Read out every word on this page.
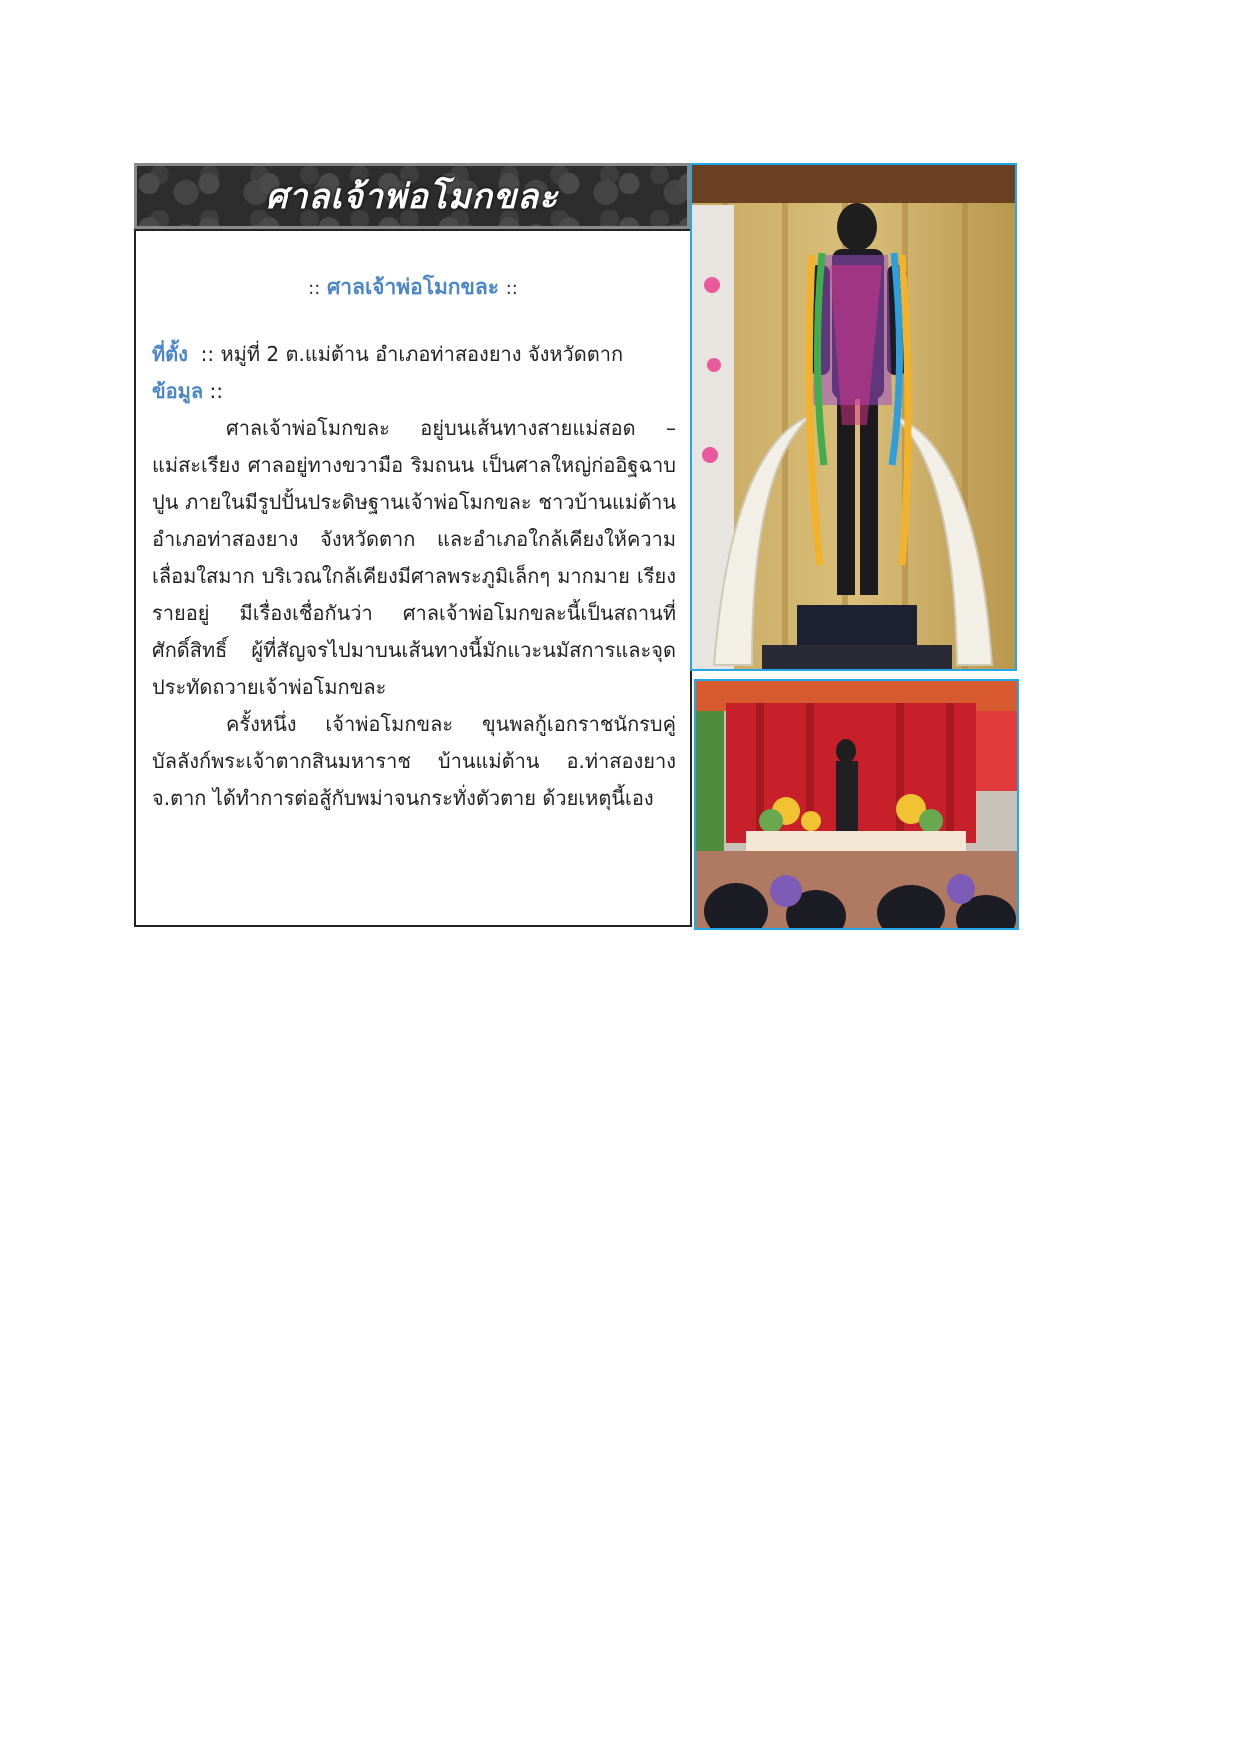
ศาลเจ้าพ่อโมกขละ
:: ศาลเจ้าพ่อโมกขละ ::
ที่ตั้ง :: หมู่ที่ 2 ต.แม่ต้าน อำเภอท่าสองยาง จังหวัดตาก
ข้อมูล ::

ศาลเจ้าพ่อโมกขละ อยู่บนเส้นทางสายแม่สอด – แม่สะเรียง ศาลอยู่ทางขวามือ ริมถนน เป็นศาลใหญ่ก่ออิฐฉาบปูน ภายในมีรูปปั้นประดิษฐานเจ้าพ่อโมกขละ ชาวบ้านแม่ต้าน อำเภอท่าสองยาง จังหวัดตาก และอำเภอใกล้เคียงให้ความเลื่อมใสมาก บริเวณใกล้เคียงมีศาลพระภูมิเล็กๆ มากมาย เรียงรายอยู่ มีเรื่องเชื่อกันว่า ศาลเจ้าพ่อโมกขละนี้เป็นสถานที่ศักดิ์สิทธิ์ ผู้ที่สัญจรไปมาบนเส้นทางนี้มักแวะนมัสการและจุดประทัดถวายเจ้าพ่อโมกขละ

ครั้งหนึ่ง เจ้าพ่อโมกขละ ขุนพลกู้เอกราชนักรบคู่บัลลังก์พระเจ้าตากสินมหาราช บ้านแม่ต้าน อ.ท่าสองยาง จ.ตาก ได้ทำการต่อสู้กับพม่าจนกระทั่งตัวตาย ด้วยเหตุนี้เอง
